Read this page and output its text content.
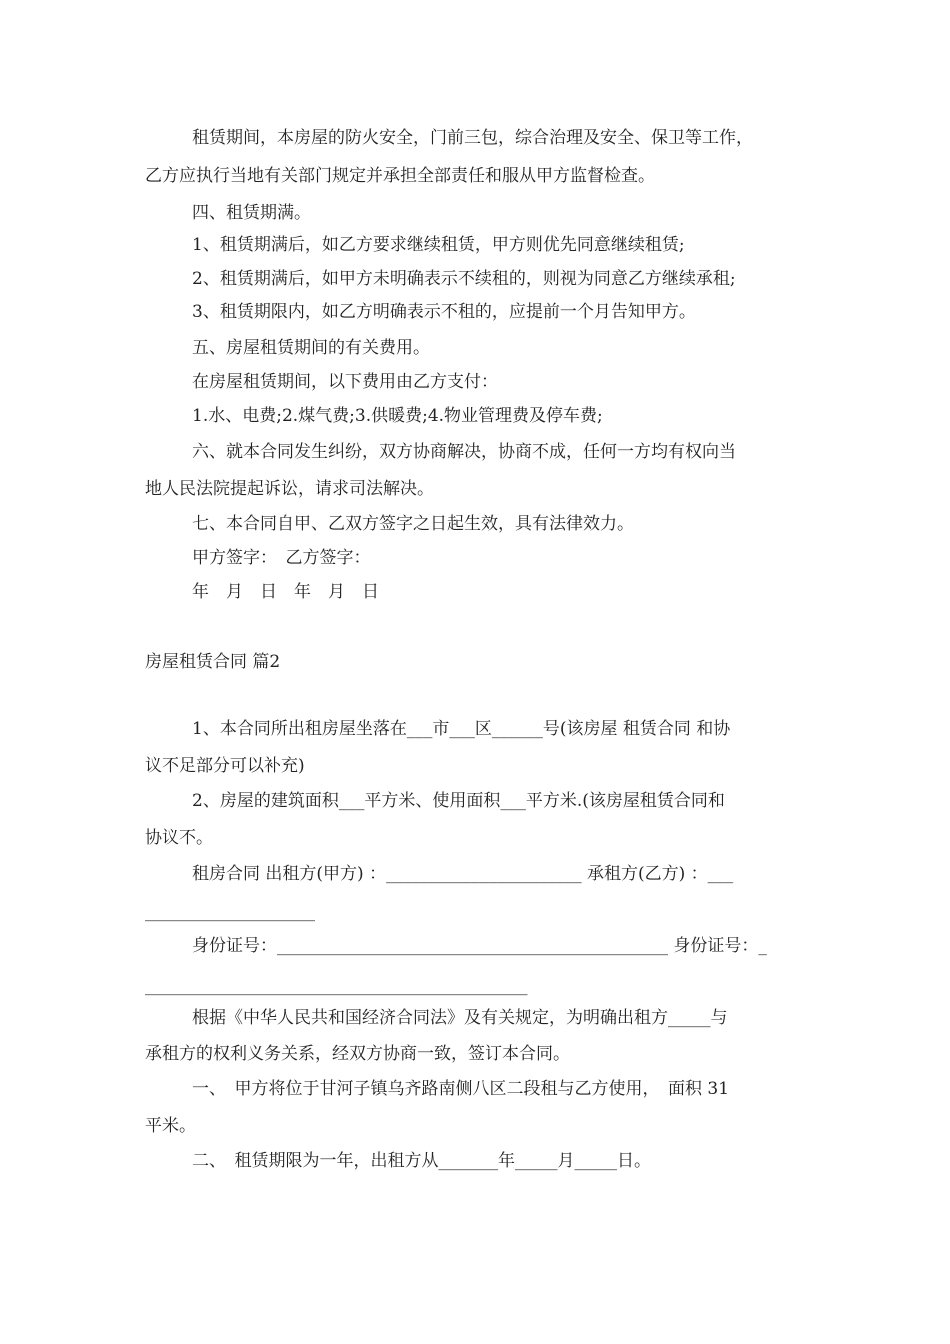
租赁期间，本房屋的防火安全，门前三包，综合治理及安全、保卫等工作，
乙方应执行当地有关部门规定并承担全部责任和服从甲方监督检查。
四、租赁期满。
1、租赁期满后，如乙方要求继续租赁，甲方则优先同意继续租赁;
2、租赁期满后，如甲方未明确表示不续租的，则视为同意乙方继续承租;
3、租赁期限内，如乙方明确表示不租的，应提前一个月告知甲方。
五、房屋租赁期间的有关费用。
在房屋租赁期间，以下费用由乙方支付：
1.水、电费;2.煤气费;3.供暖费;4.物业管理费及停车费;
六、就本合同发生纠纷，双方协商解决，协商不成，任何一方均有权向当
地人民法院提起诉讼，请求司法解决。
七、本合同自甲、乙双方签字之日起生效，具有法律效力。
甲方签字：　乙方签字：
年　月　日　年　月　日
房屋租赁合同 篇2
1、本合同所出租房屋坐落在___市___区______号(该房屋 租赁合同 和协
议不足部分可以补充)
2、房屋的建筑面积___平方米、使用面积___平方米.(该房屋租赁合同和
协议不。
租房合同 出租方(甲方) ：_______________________ 承租方(乙方) ：___
____________________
身份证号：______________________________________________ 身份证号：_
_____________________________________________
根据《中华人民共和国经济合同法》及有关规定，为明确出租方_____与
承租方的权利义务关系，经双方协商一致，签订本合同。
一、　甲方将位于甘河子镇乌齐路南侧八区二段租与乙方使用，　面积 31
平米。
二、　租赁期限为一年，出租方从_______年_____月_____日。
